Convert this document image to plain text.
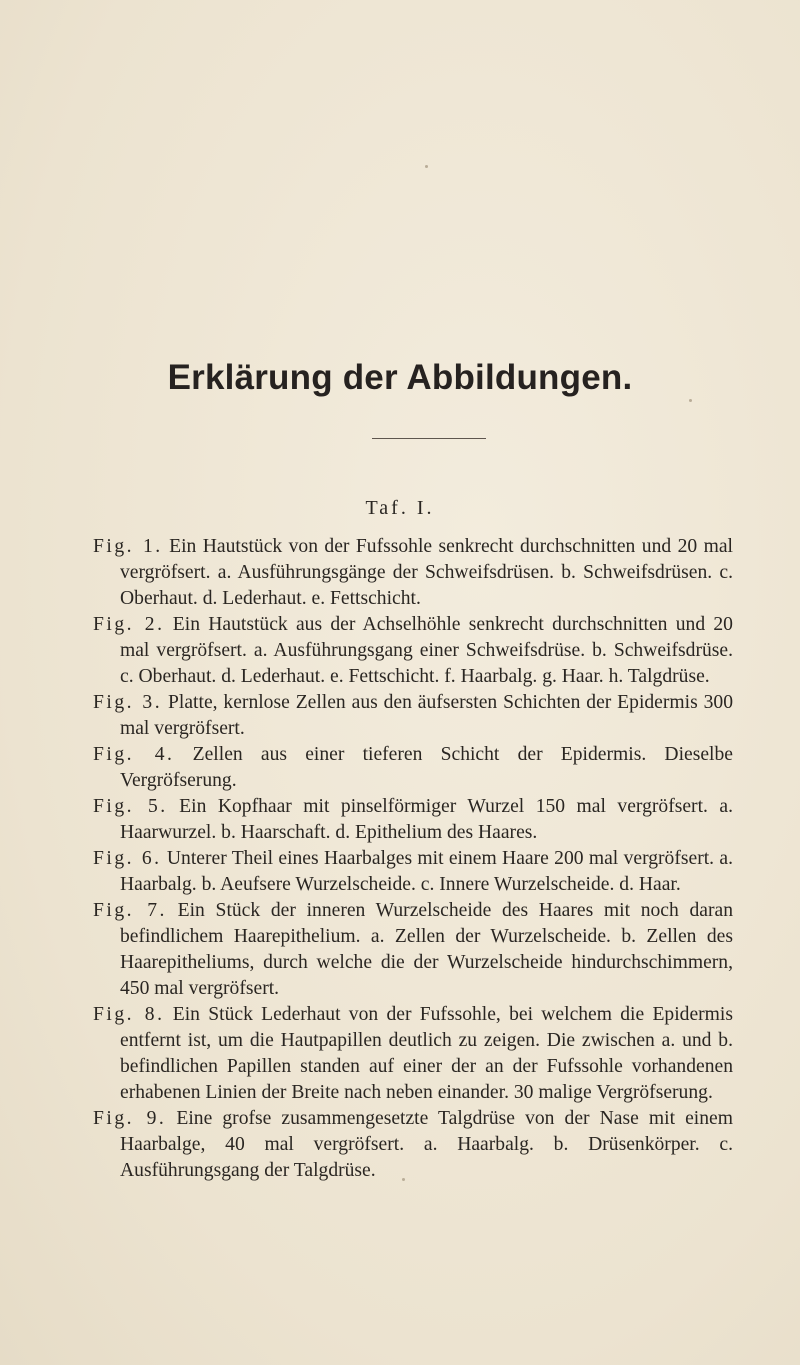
Erklärung der Abbildungen.
Taf. I.

Fig. 1. Ein Hautstück von der Fufssohle senkrecht durchschnitten und 20 mal vergröfsert. a. Ausführungsgänge der Schweifsdrüsen. b. Schweifsdrüsen. c. Oberhaut. d. Lederhaut. e. Fettschicht.

Fig. 2. Ein Hautstück aus der Achselhöhle senkrecht durchschnitten und 20 mal vergröfsert. a. Ausführungsgang einer Schweifsdrüse. b. Schweifsdrüse. c. Oberhaut. d. Lederhaut. e. Fettschicht. f. Haarbalg. g. Haar. h. Talgdrüse.

Fig. 3. Platte, kernlose Zellen aus den äufsersten Schichten der Epidermis 300 mal vergröfsert.

Fig. 4. Zellen aus einer tieferen Schicht der Epidermis. Dieselbe Vergröfserung.

Fig. 5. Ein Kopfhaar mit pinselförmiger Wurzel 150 mal vergröfsert. a. Haarwurzel. b. Haarschaft. d. Epithelium des Haares.

Fig. 6. Unterer Theil eines Haarbalges mit einem Haare 200 mal vergröfsert. a. Haarbalg. b. Aeufsere Wurzelscheide. c. Innere Wurzelscheide. d. Haar.

Fig. 7. Ein Stück der inneren Wurzelscheide des Haares mit noch daran befindlichem Haarepithelium. a. Zellen der Wurzelscheide. b. Zellen des Haarepitheliums, durch welche die der Wurzelscheide hindurchschimmern, 450 mal vergröfsert.

Fig. 8. Ein Stück Lederhaut von der Fufssohle, bei welchem die Epidermis entfernt ist, um die Hautpapillen deutlich zu zeigen. Die zwischen a. und b. befindlichen Papillen standen auf einer der an der Fufssohle vorhandenen erhabenen Linien der Breite nach neben einander. 30 malige Vergröfserung.

Fig. 9. Eine grofse zusammengesetzte Talgdrüse von der Nase mit einem Haarbalge, 40 mal vergröfsert. a. Haarbalg. b. Drüsenkörper. c. Ausführungsgang der Talgdrüse.
